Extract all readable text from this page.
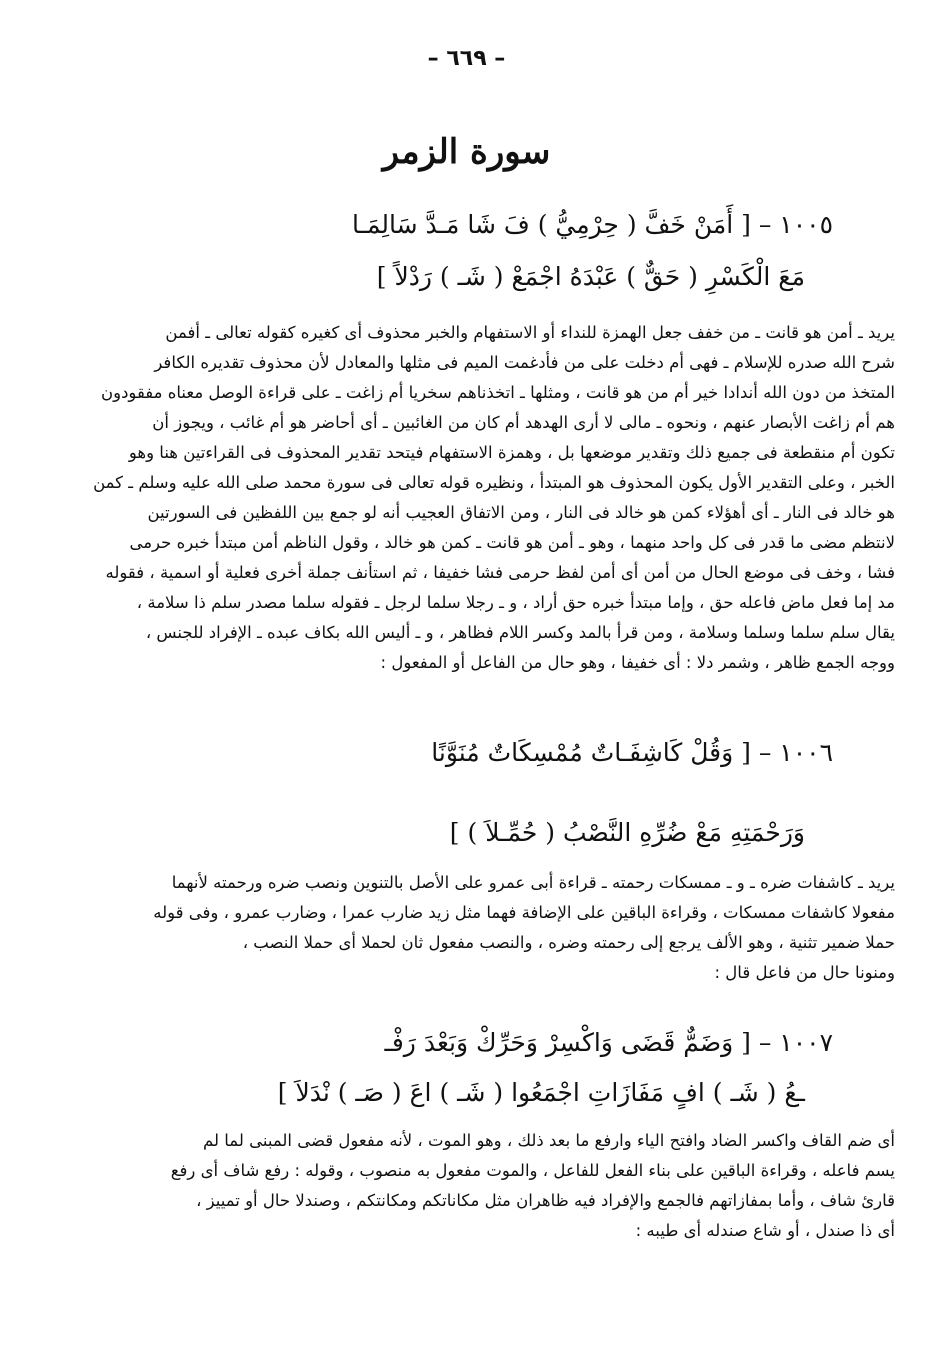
– ٦٦٩ –
سورة الزمر
١٠٠٥ – [ أَمَنْ خَفَّ ( حِرْمِيُّ ) فَ شَا مَـدَّ سَالِمَـا
مَعَ الْكَسْرِ ( حَقٌّ ) عَبْدَهُ اجْمَعْ ( شَـ ) رَدْلاً ]
يريد ـ أمن هو قانت ـ من خفف جعل الهمزة للنداء أو الاستفهام والخبر محذوف أى كغيره كقوله تعالى ـ أفمن
شرح الله صدره للإسلام ـ فهى أم دخلت على من فأدغمت الميم فى مثلها والمعادل لأن محذوف تقديره الكافر
المتخذ من دون الله أندادا خير أم من هو قانت ، ومثلها ـ اتخذناهم سخريا أم زاغت ـ على قراءة الوصل معناه مفقودون
هم أم زاغت الأبصار عنهم ، ونحوه ـ مالى لا أرى الهدهد أم كان من الغائبين ـ أى أحاضر هو أم غائب ، ويجوز أن
تكون أم منقطعة فى جميع ذلك وتقدير موضعها بل ، وهمزة الاستفهام فيتحد تقدير المحذوف فى القراءتين هنا وهو
الخبر ، وعلى التقدير الأول يكون المحذوف هو المبتدأ ، ونظيره قوله تعالى فى سورة محمد صلى الله عليه وسلم ـ كمن
هو خالد فى النار ـ أى أهؤلاء كمن هو خالد فى النار ، ومن الاتفاق العجيب أنه لو جمع بين اللفظين فى السورتين
لانتظم مضى ما قدر فى كل واحد منهما ، وهو ـ أمن هو قانت ـ كمن هو خالد ، وقول الناظم أمن مبتدأ خبره حرمى
فشا ، وخف فى موضع الحال من أمن أى أمن لفظ حرمى فشا خفيفا ، ثم استأنف جملة أخرى فعلية أو اسمية ، فقوله
مد إما فعل ماض فاعله حق ، وإما مبتدأ خبره حق أراد ، و ـ رجلا سلما لرجل ـ فقوله سلما مصدر سلم ذا سلامة ،
يقال سلم سلما وسلما وسلامة ، ومن قرأ بالمد وكسر اللام فظاهر ، و ـ أليس الله بكاف عبده ـ الإفراد للجنس ،
ووجه الجمع ظاهر ، وشمر دلا : أى خفيفا ، وهو حال من الفاعل أو المفعول :
١٠٠٦ – [ وَقُلْ كَاشِفَـاتٌ مُمْسِكَاتٌ مُنَوَّنًا
وَرَحْمَتِهِ مَعْ ضُرِّهِ النَّصْبُ ( حُمِّـلاَ ) ]
يريد ـ كاشفات ضره ـ و ـ ممسكات رحمته ـ قراءة أبى عمرو على الأصل بالتنوين ونصب ضره ورحمته لأنهما
مفعولا كاشفات ممسكات ، وقراءة الباقين على الإضافة فهما مثل زيد ضارب عمرا ، وضارب عمرو ، وفى قوله
حملا ضمير تثنية ، وهو الألف يرجع إلى رحمته وضره ، والنصب مفعول ثان لحملا أى حملا النصب ،
ومنونا حال من فاعل قال :
١٠٠٧ – [ وَضَمٌّ قَضَى وَاكْسِرْ وَحَرِّكْ وَبَعْدَ رَفْـ
ـعُ ( شَـ ) افٍ مَفَازَاتِ اجْمَعُوا ( شَـ ) اعَ ( صَـ ) نْدَلاَ ]
أى ضم القاف واكسر الضاد وافتح الياء وارفع ما بعد ذلك ، وهو الموت ، لأنه مفعول قضى المبنى لما لم
يسم فاعله ، وقراءة الباقين على بناء الفعل للفاعل ، والموت مفعول به منصوب ، وقوله : رفع شاف أى رفع
قارئ شاف ، وأما بمفازاتهم فالجمع والإفراد فيه ظاهران مثل مكاناتكم ومكانتكم ، وصندلا حال أو تمييز ،
أى ذا صندل ، أو شاع صندله أى طيبه :
